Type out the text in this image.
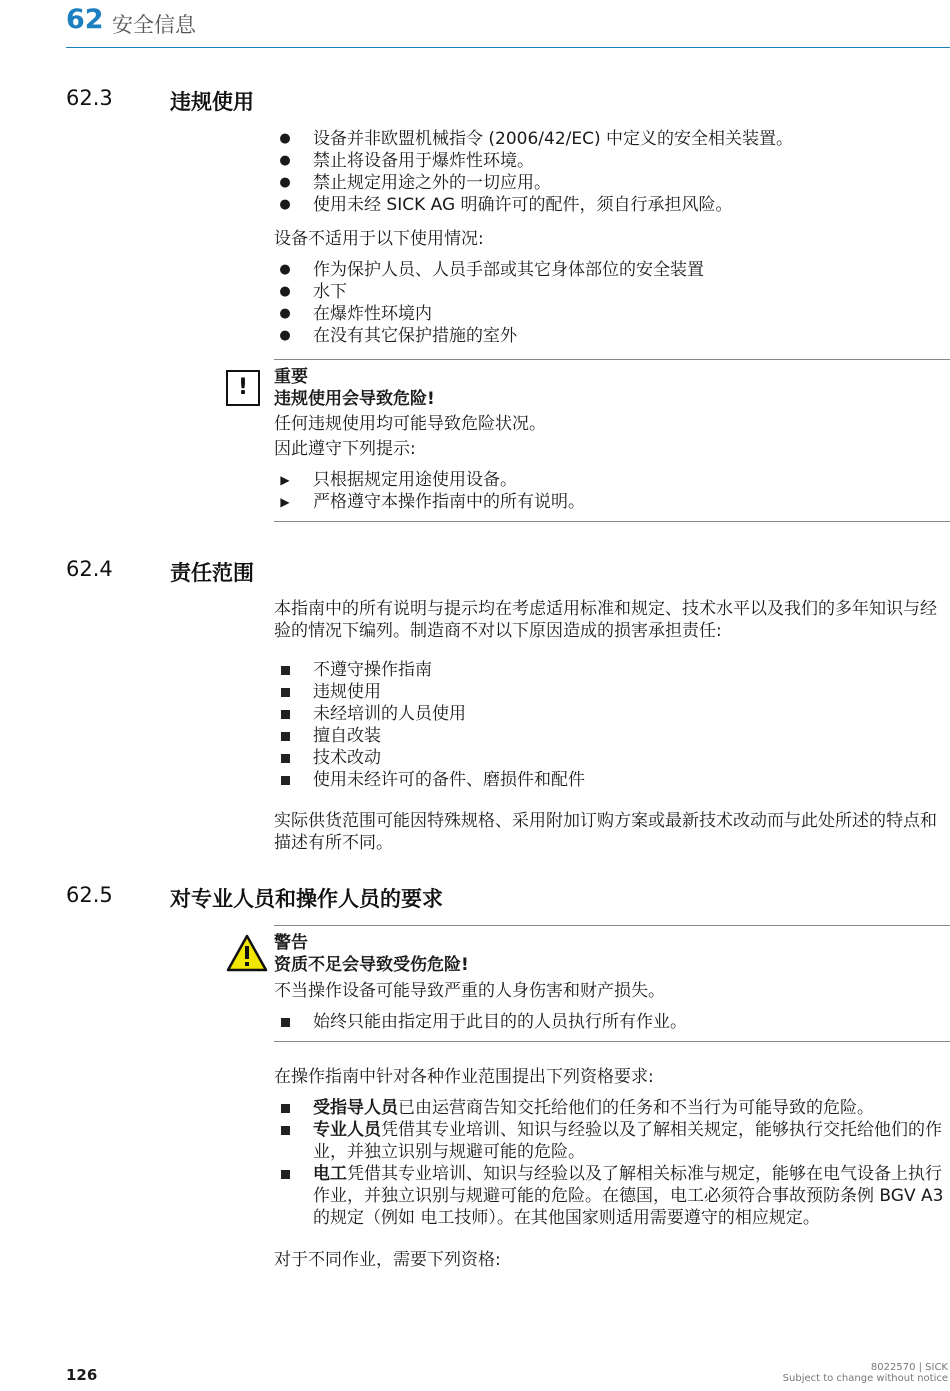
62 安全信息
62.3	违规使用
●	设备并非欧盟机械指令 (2006/42/EC) 中定义的安全相关装置。
●	禁止将设备用于爆炸性环境。
●	禁止规定用途之外的一切应用。
●	使用未经 SICK AG 明确许可的配件，须自行承担风险。

设备不适用于以下使用情况:

●	作为保护人员、人员手部或其它身体部位的安全装置
●	水下
●	在爆炸性环境内
●	在没有其它保护措施的室外
!	重要
违规使用会导致危险!

任何违规使用均可能导致危险状况。

因此遵守下列提示:

▶	只根据规定用途使用设备。
▶	严格遵守本操作指南中的所有说明。
62.4	责任范围

本指南中的所有说明与提示均在考虑适用标准和规定、技术水平以及我们的多年知识与经验的情况下编列。制造商不对以下原因造成的损害承担责任:

不遵守操作指南
违规使用
未经培训的人员使用
擅自改装
技术改动
使用未经许可的备件、磨损件和配件

实际供货范围可能因特殊规格、采用附加订购方案或最新技术改动而与此处所述的特点和描述有所不同。

62.5	对专业人员和操作人员的要求
警告
资质不足会导致受伤危险!

不当操作设备可能导致严重的人身伤害和财产损失。

始终只能由指定用于此目的的人员执行所有作业。

在操作指南中针对各种作业范围提出下列资格要求:

受指导人员已由运营商告知交托给他们的任务和不当行为可能导致的危险。
专业人员凭借其专业培训、知识与经验以及了解相关规定，能够执行交托给他们的作业，并独立识别与规避可能的危险。
电工凭借其专业培训、知识与经验以及了解相关标准与规定，能够在电气设备上执行作业，并独立识别与规避可能的危险。在德国，电工必须符合事故预防条例 BGV A3 的规定（例如 电工技师）。在其他国家则适用需要遵守的相应规定。

对于不同作业，需要下列资格:

126	8022570 | SICK
Subject to change without notice
